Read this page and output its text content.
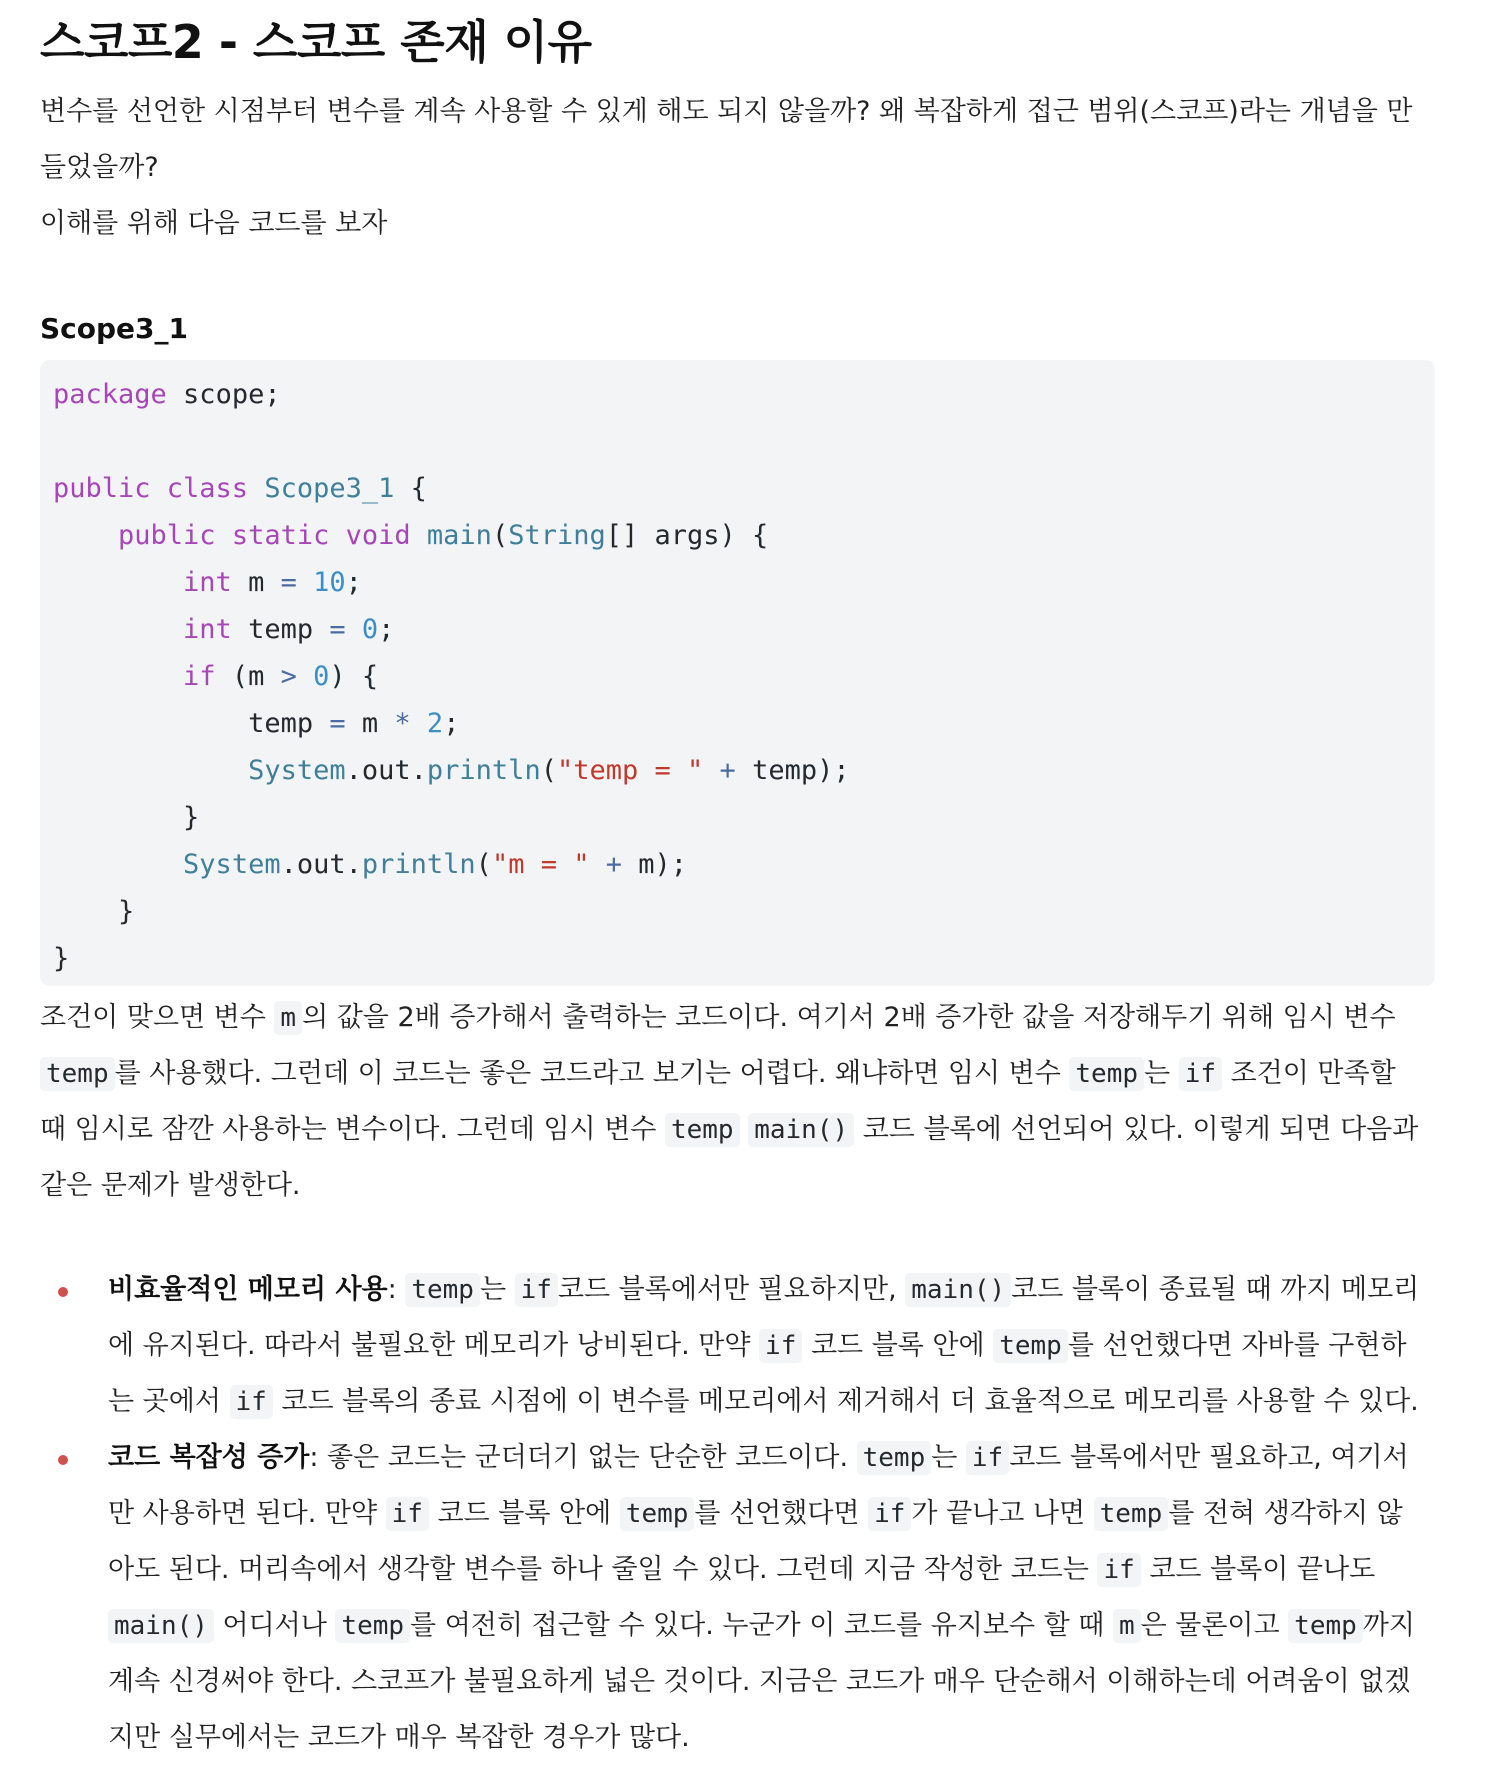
스코프2 - 스코프 존재 이유
변수를 선언한 시점부터 변수를 계속 사용할 수 있게 해도 되지 않을까? 왜 복잡하게 접근 범위(스코프)라는 개념을 만
들었을까?
이해를 위해 다음 코드를 보자
Scope3_1
package scope;

public class Scope3_1 {
public static void main(String[] args) {
int m = 10;
int temp = 0;
if (m > 0) {
temp = m * 2;
System.out.println("temp = " + temp);
}
System.out.println("m = " + m);
}
}
조건이 맞으면 변수 m 의 값을 2배 증가해서 출력하는 코드이다. 여기서 2배 증가한 값을 저장해두기 위해 임시 변수
temp 를 사용했다. 그런데 이 코드는 좋은 코드라고 보기는 어렵다. 왜냐하면 임시 변수 temp 는 if 조건이 만족할
때 임시로 잠깐 사용하는 변수이다. 그런데 임시 변수 temp main() 코드 블록에 선언되어 있다. 이렇게 되면 다음과
같은 문제가 발생한다.
비효율적인 메모리 사용: temp 는 if 코드 블록에서만 필요하지만, main() 코드 블록이 종료될 때 까지 메모리
에 유지된다. 따라서 불필요한 메모리가 낭비된다. 만약 if 코드 블록 안에 temp 를 선언했다면 자바를 구현하
는 곳에서 if 코드 블록의 종료 시점에 이 변수를 메모리에서 제거해서 더 효율적으로 메모리를 사용할 수 있다.
코드 복잡성 증가: 좋은 코드는 군더더기 없는 단순한 코드이다. temp 는 if 코드 블록에서만 필요하고, 여기서
만 사용하면 된다. 만약 if 코드 블록 안에 temp 를 선언했다면 if 가 끝나고 나면 temp 를 전혀 생각하지 않
아도 된다. 머리속에서 생각할 변수를 하나 줄일 수 있다. 그런데 지금 작성한 코드는 if 코드 블록이 끝나도
main() 어디서나 temp 를 여전히 접근할 수 있다. 누군가 이 코드를 유지보수 할 때 m 은 물론이고 temp 까지
계속 신경써야 한다. 스코프가 불필요하게 넓은 것이다. 지금은 코드가 매우 단순해서 이해하는데 어려움이 없겠
지만 실무에서는 코드가 매우 복잡한 경우가 많다.
